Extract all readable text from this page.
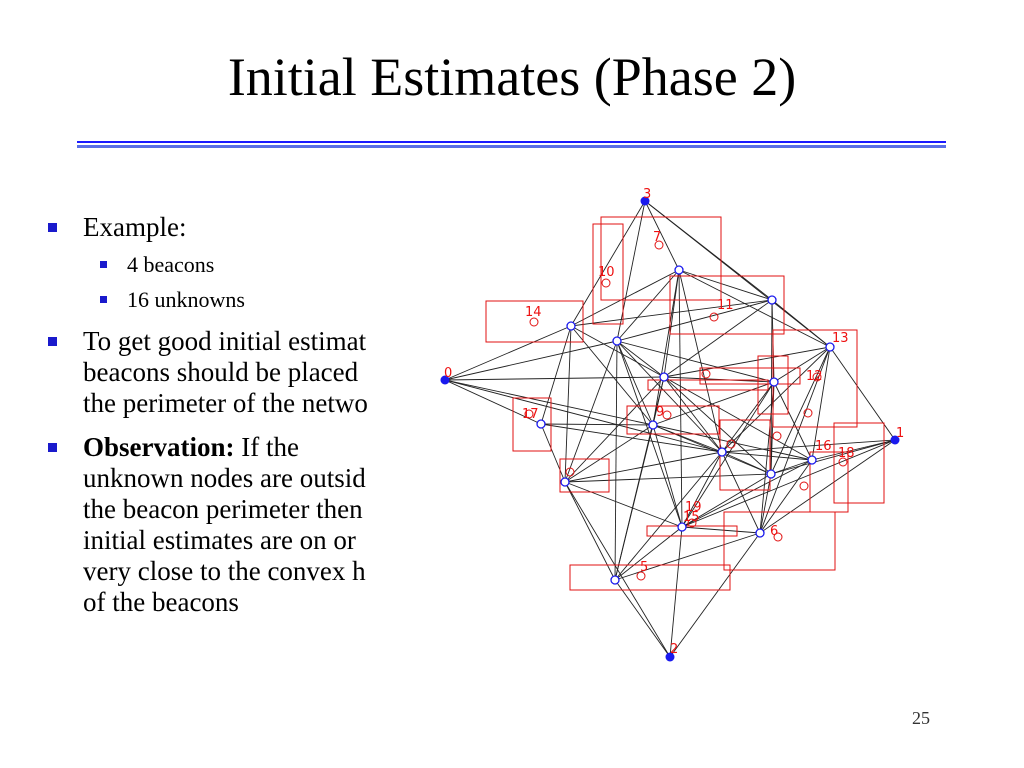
Initial Estimates (Phase 2)
Example:
4 beacons
16 unknowns
To get good initial estimat
beacons should be placed
the perimeter of the netwo
Observation: If the
unknown nodes are outsid
the beacon perimeter then
initial estimates are on or
very close to the convex h
of the beacons
0
1
2
3
7
10
11
14
13
12
9
17
6
5
15
18
16
19
25
